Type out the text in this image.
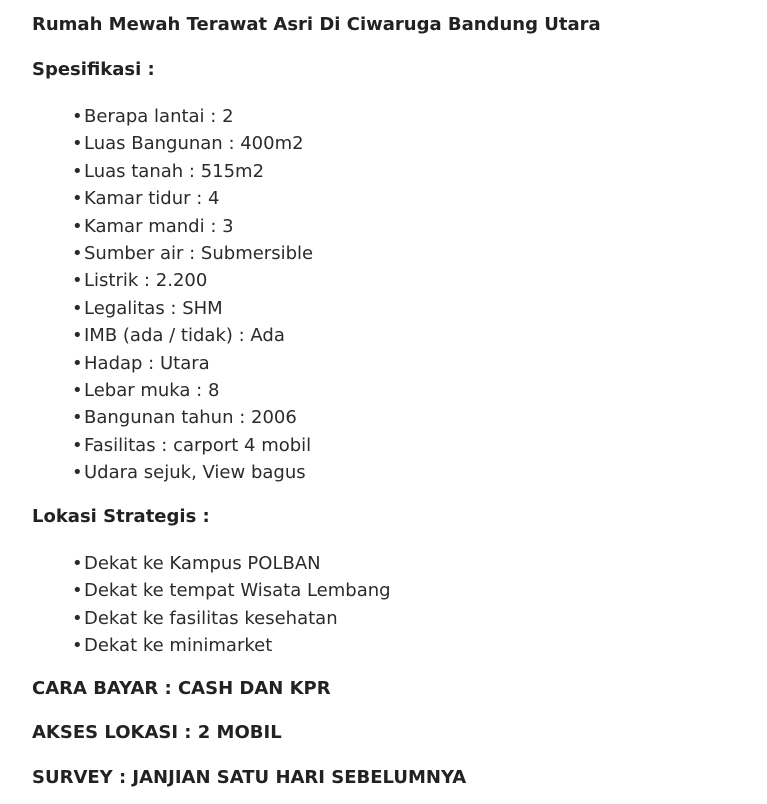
Rumah Mewah Terawat Asri Di Ciwaruga Bandung Utara
Spesifikasi :
• Berapa lantai : 2
• Luas Bangunan : 400m2
• Luas tanah : 515m2
• Kamar tidur : 4
• Kamar mandi : 3
• Sumber air : Submersible
• Listrik : 2.200
• Legalitas : SHM
• IMB (ada / tidak) : Ada
• Hadap : Utara
• Lebar muka : 8
• Bangunan tahun : 2006
• Fasilitas : carport 4 mobil
• Udara sejuk, View bagus
Lokasi Strategis :
• Dekat ke Kampus POLBAN
• Dekat ke tempat Wisata Lembang
• Dekat ke fasilitas kesehatan
• Dekat ke minimarket

CARA BAYAR : CASH DAN KPR

AKSES LOKASI : 2 MOBIL

SURVEY : JANJIAN SATU HARI SEBELUMNYA
